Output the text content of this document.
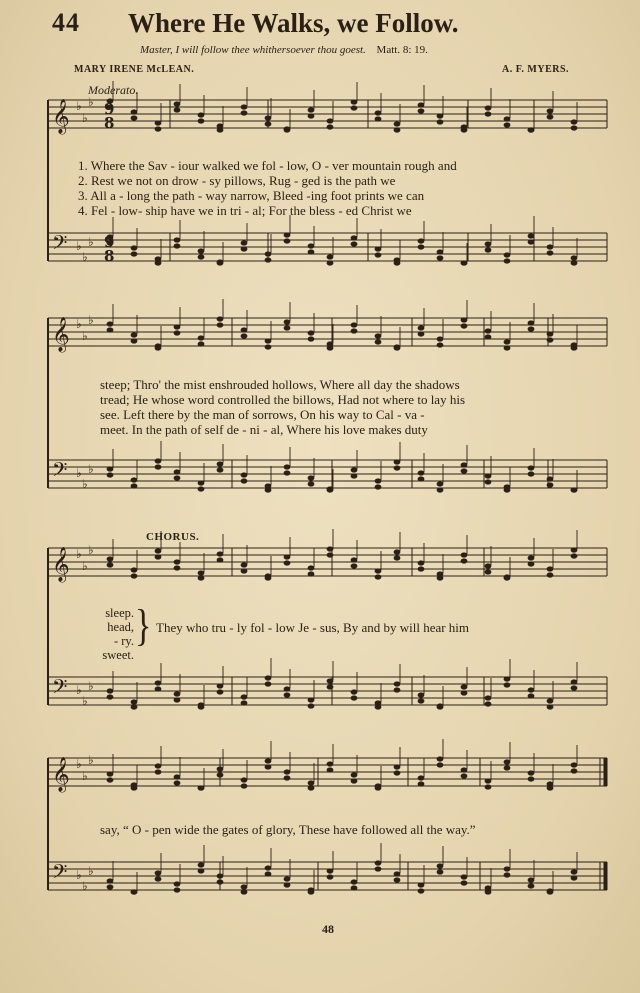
44 Where He Walks, we Follow.
Master, I will follow thee whithersoever thou goest. Matt. 8: 19.
MARY IRENE McLEAN.	A. F. MYERS.
Moderato.
𝄞 ♭
♭
♭
𝄢 ♭
♭
♭
𝄞 ♭
♭
♭
𝄢 ♭
♭
♭
𝄞 ♭
♭
♭
𝄢 ♭
♭
♭
𝄞 ♭
♭
♭
𝄢 ♭
♭
♭
9
8
9
8
1. Where the Sav - iour walked we fol - low, O - ver mountain rough and
2. Rest we not on drow - sy pillows, Rug - ged is the path we
3. All a - long the path - way narrow, Bleed -ing foot prints we can
4. Fel - low- ship have we in tri - al; For the bless - ed Christ we
steep; Thro' the mist enshrouded hollows, Where all day the shadows
tread; He whose word controlled the billows, Had not where to lay his
see. Left there by the man of sorrows, On his way to Cal - va -
meet. In the path of self de - ni - al, Where his love makes duty
CHORUS.
sleep.
head,
- ry.
sweet.
} They who tru - ly fol - low Je - sus, By and by will hear him
say, “ O - pen wide the gates of glory, These have followed all the way.”
48
